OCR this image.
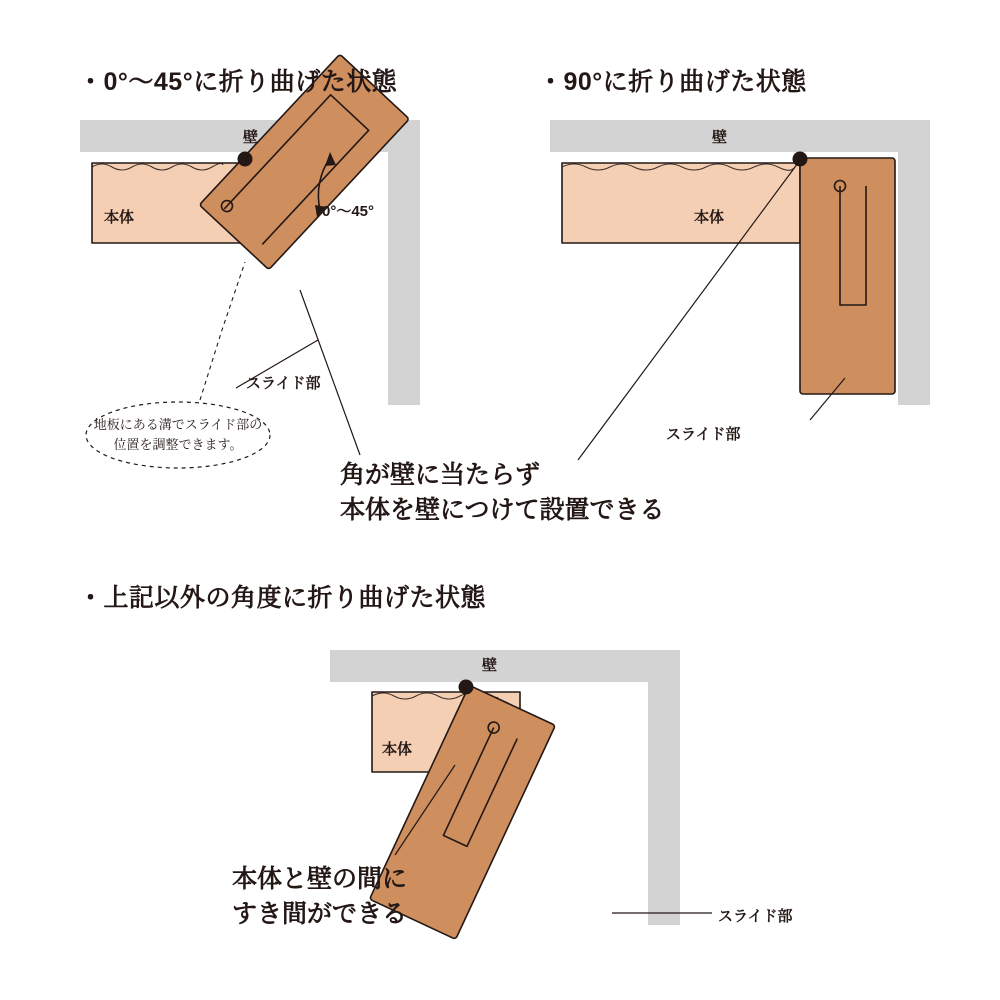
・0°〜45°に折り曲げた状態	・90°に折り曲げた状態
・上記以外の角度に折り曲げた状態
壁
本体
スライド部
0°〜45°
地板にある溝でスライド部の
位置を調整できます。
壁
本体
スライド部
角が壁に当たらず
本体を壁につけて設置できる
壁
本体
スライド部
本体と壁の間に
すき間ができる
